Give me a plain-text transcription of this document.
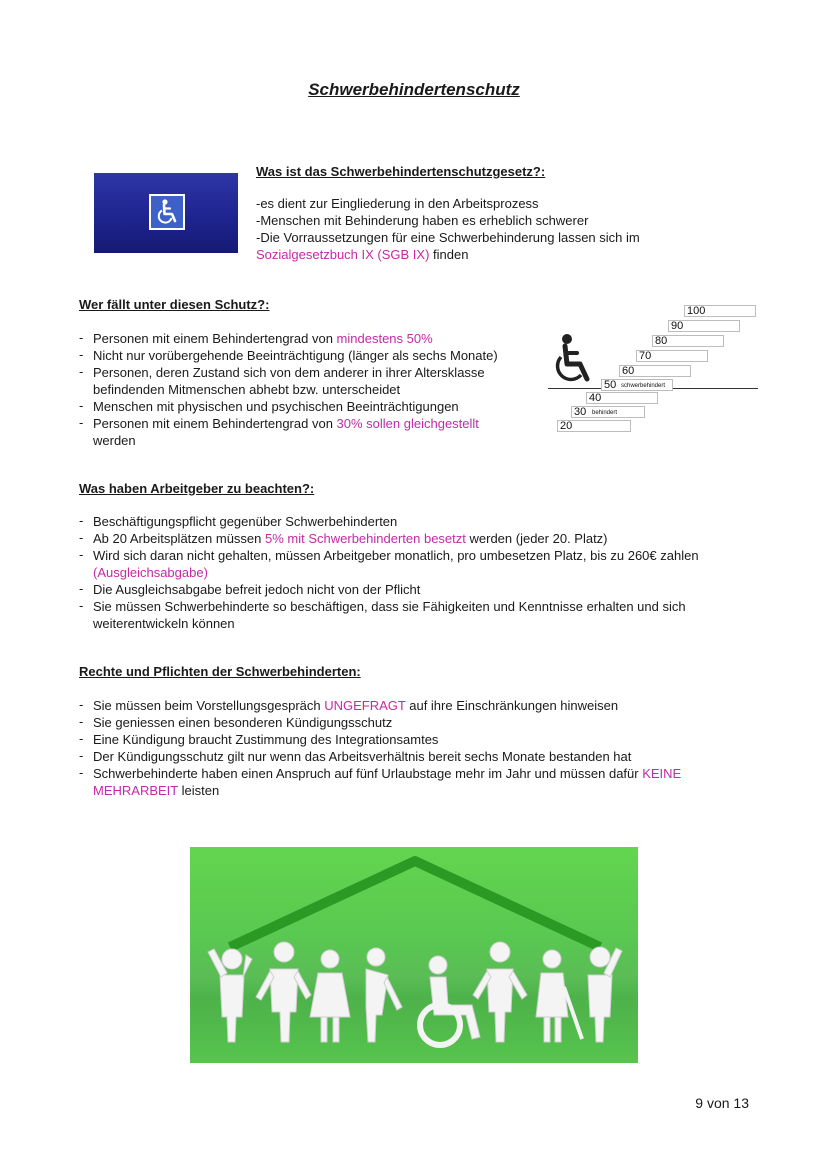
Schwerbehindertenschutz
Was ist das Schwerbehindertenschutzgesetz?:
-es dient zur Eingliederung in den Arbeitsprozess
-Menschen mit Behinderung haben es erheblich schwerer
-Die Vorraussetzungen für eine Schwerbehinderung lassen sich im
Sozialgesetzbuch IX (SGB IX) finden
Wer fällt unter diesen Schutz?:
- Personen mit einem Behindertengrad von mindestens 50%
- Nicht nur vorübergehende Beeinträchtigung (länger als sechs Monate)
- Personen, deren Zustand sich von dem anderer in ihrer Altersklasse befindenden Mitmenschen abhebt bzw. unterscheidet
- Menschen mit physischen und psychischen Beeinträchtigungen
- Personen mit einem Behindertengrad von 30% sollen gleichgestellt
werden
100
90
80
70
60
50 schwerbehindert
40
30 behindert
20
Was haben Arbeitgeber zu beachten?:
- Beschäftigungspflicht gegenüber Schwerbehinderten
- Ab 20 Arbeitsplätzen müssen 5% mit Schwerbehinderten besetzt werden (jeder 20. Platz)
- Wird sich daran nicht gehalten, müssen Arbeitgeber monatlich, pro umbesetzen Platz, bis zu 260€ zahlen
(Ausgleichsabgabe)
- Die Ausgleichsabgabe befreit jedoch nicht von der Pflicht
- Sie müssen Schwerbehinderte so beschäftigen, dass sie Fähigkeiten und Kenntnisse erhalten und sich weiterentwickeln können
Rechte und Pflichten der Schwerbehinderten:
- Sie müssen beim Vorstellungsgespräch UNGEFRAGT auf ihre Einschränkungen hinweisen
- Sie geniessen einen besonderen Kündigungsschutz
- Eine Kündigung braucht Zustimmung des Integrationsamtes
- Der Kündigungsschutz gilt nur wenn das Arbeitsverhältnis bereit sechs Monate bestanden hat
- Schwerbehinderte haben einen Anspruch auf fünf Urlaubstage mehr im Jahr und müssen dafür KEINE MEHRARBEIT leisten
9 von 13
